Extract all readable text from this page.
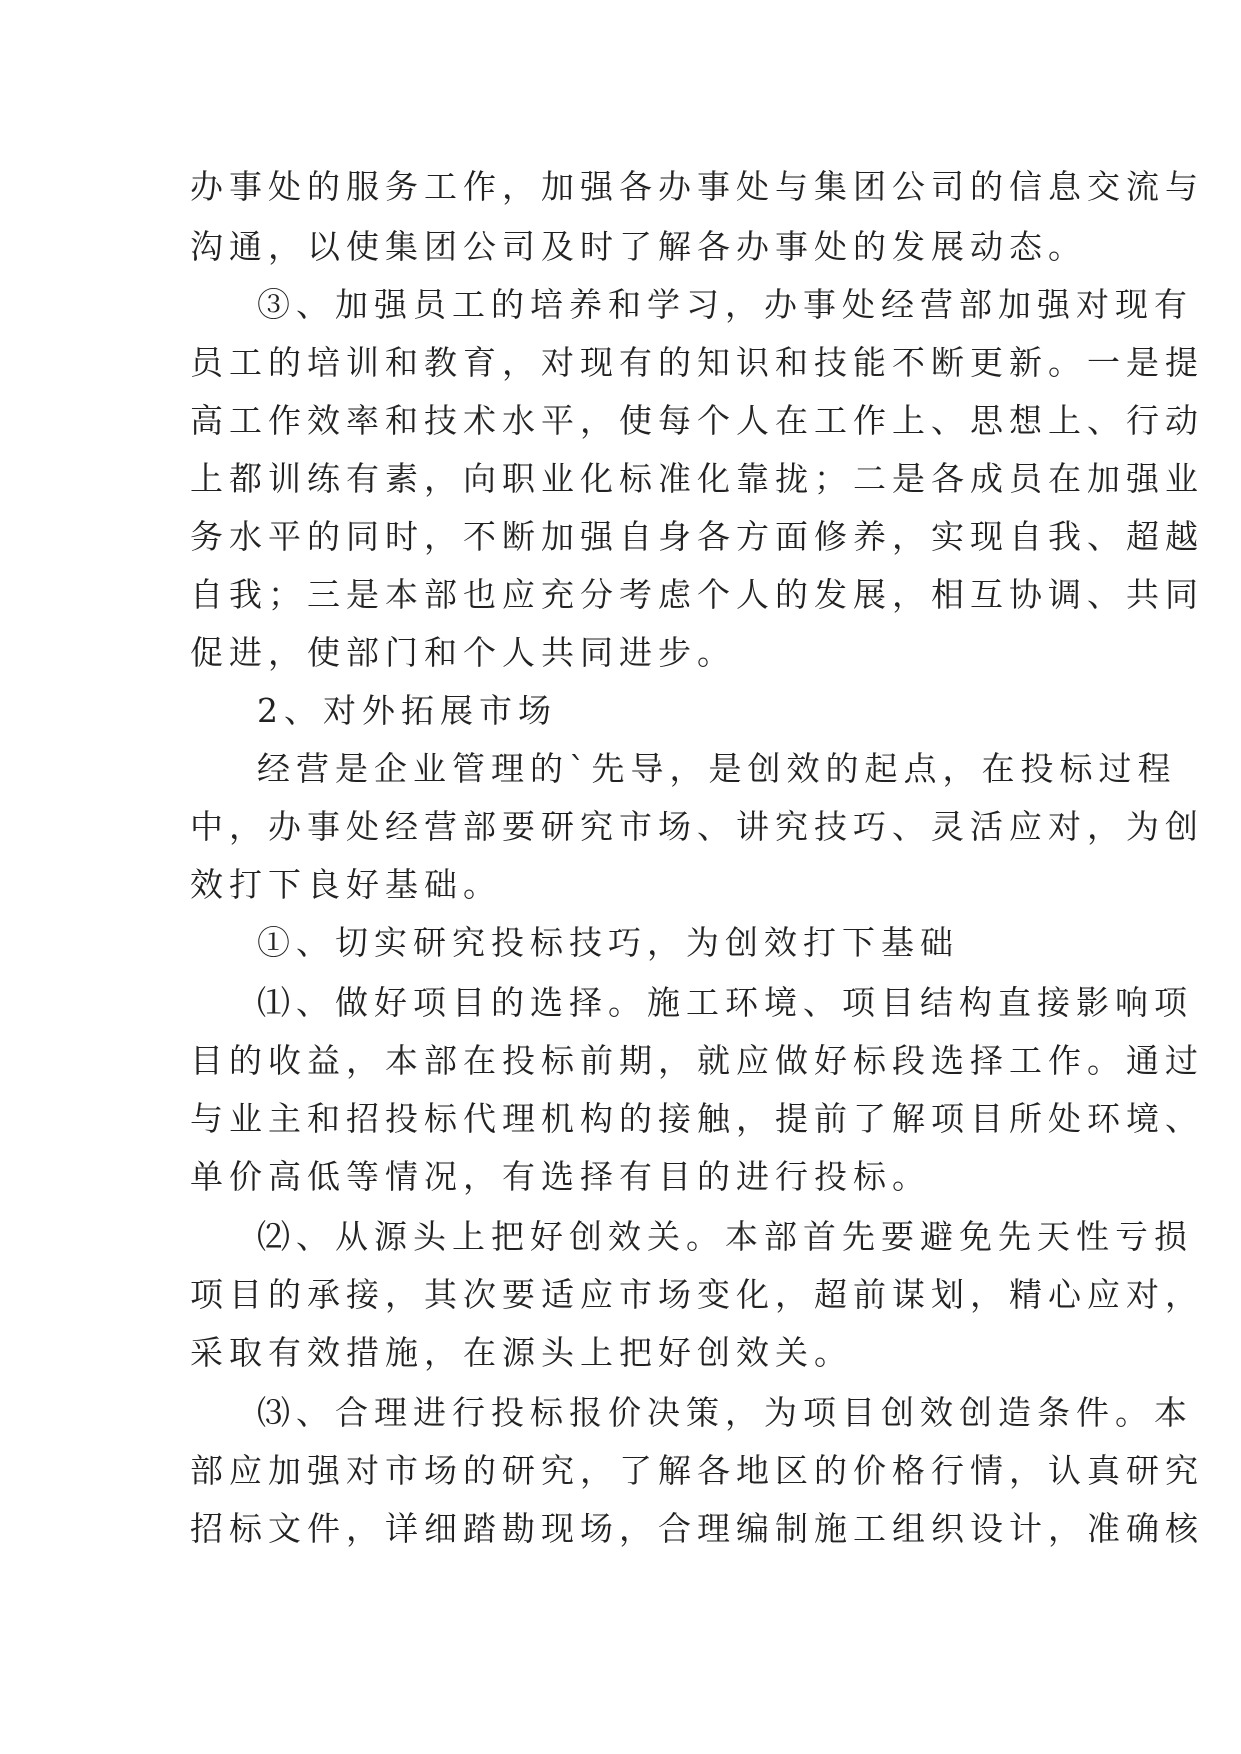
办事处的服务工作，加强各办事处与集团公司的信息交流与
沟通，以使集团公司及时了解各办事处的发展动态。
③、加强员工的培养和学习，办事处经营部加强对现有
员工的培训和教育，对现有的知识和技能不断更新。一是提
高工作效率和技术水平，使每个人在工作上、思想上、行动
上都训练有素，向职业化标准化靠拢；二是各成员在加强业
务水平的同时，不断加强自身各方面修养，实现自我、超越
自我；三是本部也应充分考虑个人的发展，相互协调、共同
促进，使部门和个人共同进步。
2、对外拓展市场
经营是企业管理的`先导，是创效的起点，在投标过程
中，办事处经营部要研究市场、讲究技巧、灵活应对，为创
效打下良好基础。
①、切实研究投标技巧，为创效打下基础
⑴、做好项目的选择。施工环境、项目结构直接影响项
目的收益，本部在投标前期，就应做好标段选择工作。通过
与业主和招投标代理机构的接触，提前了解项目所处环境、
单价高低等情况，有选择有目的进行投标。
⑵、从源头上把好创效关。本部首先要避免先天性亏损
项目的承接，其次要适应市场变化，超前谋划，精心应对，
采取有效措施，在源头上把好创效关。
⑶、合理进行投标报价决策，为项目创效创造条件。本
部应加强对市场的研究，了解各地区的价格行情，认真研究
招标文件，详细踏勘现场，合理编制施工组织设计，准确核
